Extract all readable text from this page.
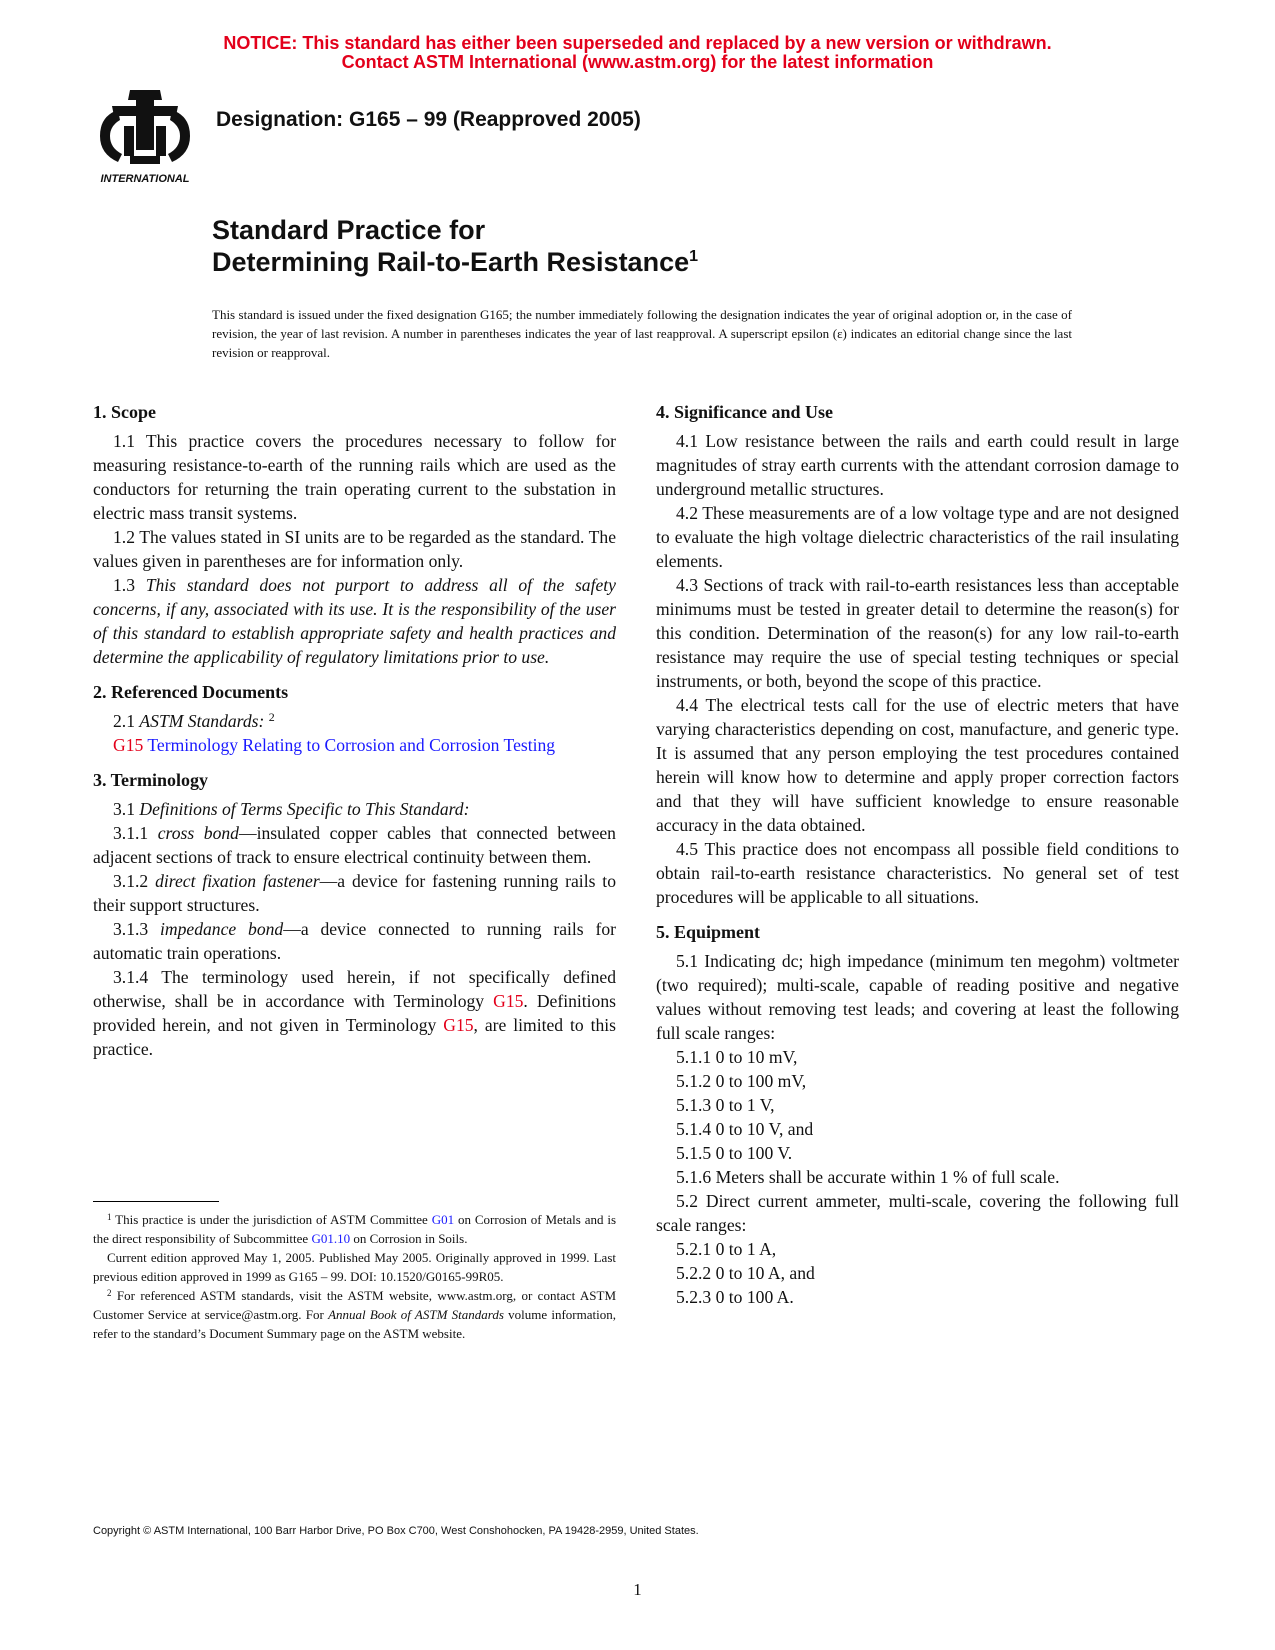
NOTICE: This standard has either been superseded and replaced by a new version or withdrawn.
Contact ASTM International (www.astm.org) for the latest information
INTERNATIONAL
Designation: G165 – 99 (Reapproved 2005)
Standard Practice for
Determining Rail-to-Earth Resistance$^1$
This standard is issued under the fixed designation G165; the number immediately following the designation indicates the year of original adoption or, in the case of revision, the year of last revision. A number in parentheses indicates the year of last reapproval. A superscript epsilon (ε) indicates an editorial change since the last revision or reapproval.
1. Scope

1.1 This practice covers the procedures necessary to follow for measuring resistance-to-earth of the running rails which are used as the conductors for returning the train operating current to the substation in electric mass transit systems.

1.2 The values stated in SI units are to be regarded as the standard. The values given in parentheses are for information only.

1.3 This standard does not purport to address all of the safety concerns, if any, associated with its use. It is the responsibility of the user of this standard to establish appropriate safety and health practices and determine the applicability of regulatory limitations prior to use.

2. Referenced Documents

2.1 ASTM Standards: $^2$

G15 Terminology Relating to Corrosion and Corrosion Testing

3. Terminology

3.1 Definitions of Terms Specific to This Standard:

3.1.1 cross bond—insulated copper cables that connected between adjacent sections of track to ensure electrical continuity between them.

3.1.2 direct fixation fastener—a device for fastening running rails to their support structures.

3.1.3 impedance bond—a device connected to running rails for automatic train operations.

3.1.4 The terminology used herein, if not specifically defined otherwise, shall be in accordance with Terminology G15. Definitions provided herein, and not given in Terminology G15, are limited to this practice.

4. Significance and Use

4.1 Low resistance between the rails and earth could result in large magnitudes of stray earth currents with the attendant corrosion damage to underground metallic structures.

4.2 These measurements are of a low voltage type and are not designed to evaluate the high voltage dielectric characteristics of the rail insulating elements.

4.3 Sections of track with rail-to-earth resistances less than acceptable minimums must be tested in greater detail to determine the reason(s) for this condition. Determination of the reason(s) for any low rail-to-earth resistance may require the use of special testing techniques or special instruments, or both, beyond the scope of this practice.

4.4 The electrical tests call for the use of electric meters that have varying characteristics depending on cost, manufacture, and generic type. It is assumed that any person employing the test procedures contained herein will know how to determine and apply proper correction factors and that they will have sufficient knowledge to ensure reasonable accuracy in the data obtained.

4.5 This practice does not encompass all possible field conditions to obtain rail-to-earth resistance characteristics. No general set of test procedures will be applicable to all situations.

5. Equipment

5.1 Indicating dc; high impedance (minimum ten megohm) voltmeter (two required); multi-scale, capable of reading positive and negative values without removing test leads; and covering at least the following full scale ranges:

5.1.1 0 to 10 mV,

5.1.2 0 to 100 mV,

5.1.3 0 to 1 V,

5.1.4 0 to 10 V, and

5.1.5 0 to 100 V.

5.1.6 Meters shall be accurate within 1 % of full scale.

5.2 Direct current ammeter, multi-scale, covering the following full scale ranges:

5.2.1 0 to 1 A,

5.2.2 0 to 10 A, and

5.2.3 0 to 100 A.

$^1$ This practice is under the jurisdiction of ASTM Committee G01 on Corrosion of Metals and is the direct responsibility of Subcommittee G01.10 on Corrosion in Soils.

Current edition approved May 1, 2005. Published May 2005. Originally approved in 1999. Last previous edition approved in 1999 as G165 – 99. DOI: 10.1520/G0165-99R05.

$^2$ For referenced ASTM standards, visit the ASTM website, www.astm.org, or contact ASTM Customer Service at service@astm.org. For Annual Book of ASTM Standards volume information, refer to the standard’s Document Summary page on the ASTM website.

Copyright © ASTM International, 100 Barr Harbor Drive, PO Box C700, West Conshohocken, PA 19428-2959, United States.
1
